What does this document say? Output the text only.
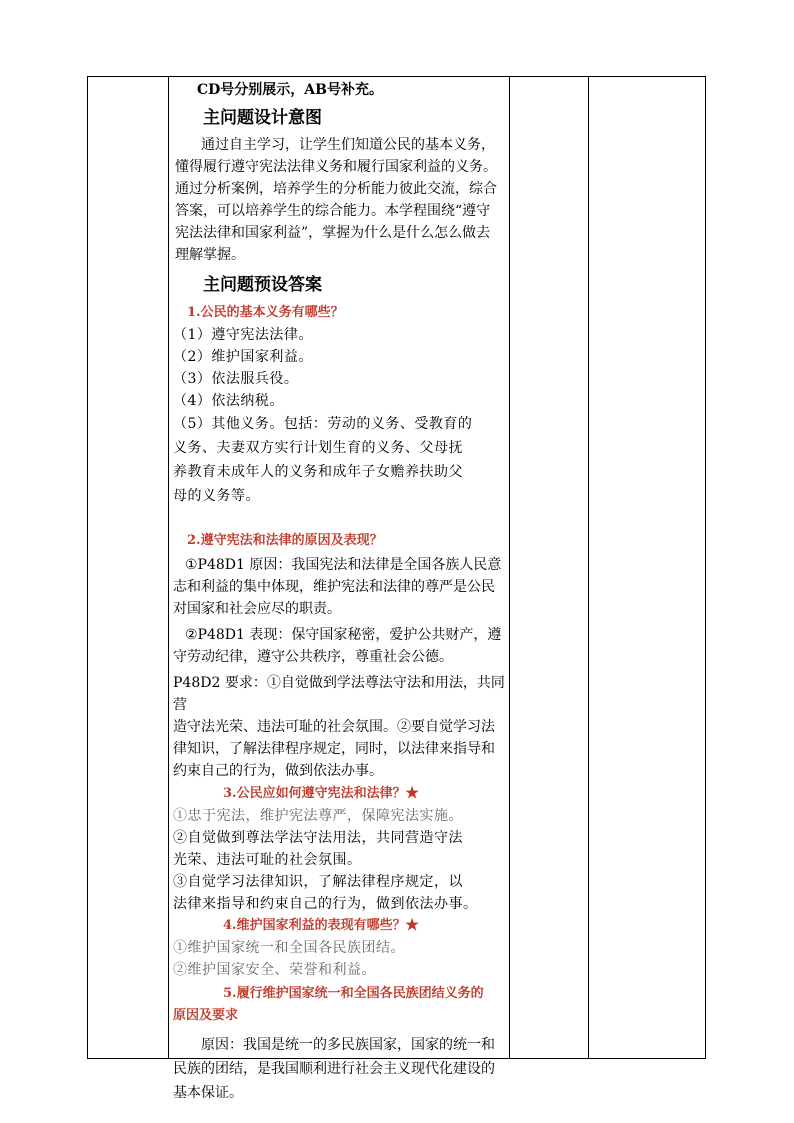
CD号分别展示，AB号补充。

主问题设计意图

通过自主学习，让学生们知道公民的基本义务，

懂得履行遵守宪法法律义务和履行国家利益的义务。

通过分析案例，培养学生的分析能力彼此交流，综合

答案，可以培养学生的综合能力。本学程围绕“遵守

宪法法律和国家利益”，掌握为什么是什么怎么做去

理解掌握。

主问题预设答案

1.公民的基本义务有哪些？

（1）遵守宪法法律。

（2）维护国家利益。

（3）依法服兵役。

（4）依法纳税。

（5）其他义务。包括：劳动的义务、受教育的

义务、夫妻双方实行计划生育的义务、父母抚

养教育未成年人的义务和成年子女赡养扶助父

母的义务等。

2.遵守宪法和法律的原因及表现？

①P48D1 原因：我国宪法和法律是全国各族人民意

志和利益的集中体现，维护宪法和法律的尊严是公民

对国家和社会应尽的职责。

②P48D1 表现：保守国家秘密，爱护公共财产，遵

守劳动纪律，遵守公共秩序，尊重社会公德。

P48D2 要求：①自觉做到学法尊法守法和用法，共同营

造守法光荣、违法可耻的社会氛围。②要自觉学习法

律知识，了解法律程序规定，同时，以法律来指导和

约束自己的行为，做到依法办事。

3.公民应如何遵守宪法和法律？★

①忠于宪法，维护宪法尊严，保障宪法实施。

②自觉做到尊法学法守法用法，共同营造守法

光荣、违法可耻的社会氛围。

③自觉学习法律知识，了解法律程序规定，以

法律来指导和约束自己的行为，做到依法办事。

4.维护国家利益的表现有哪些？★

①维护国家统一和全国各民族团结。

②维护国家安全、荣誉和利益。

5.履行维护国家统一和全国各民族团结义务的

原因及要求

原因：我国是统一的多民族国家，国家的统一和

民族的团结，是我国顺利进行社会主义现代化建设的

基本保证。
